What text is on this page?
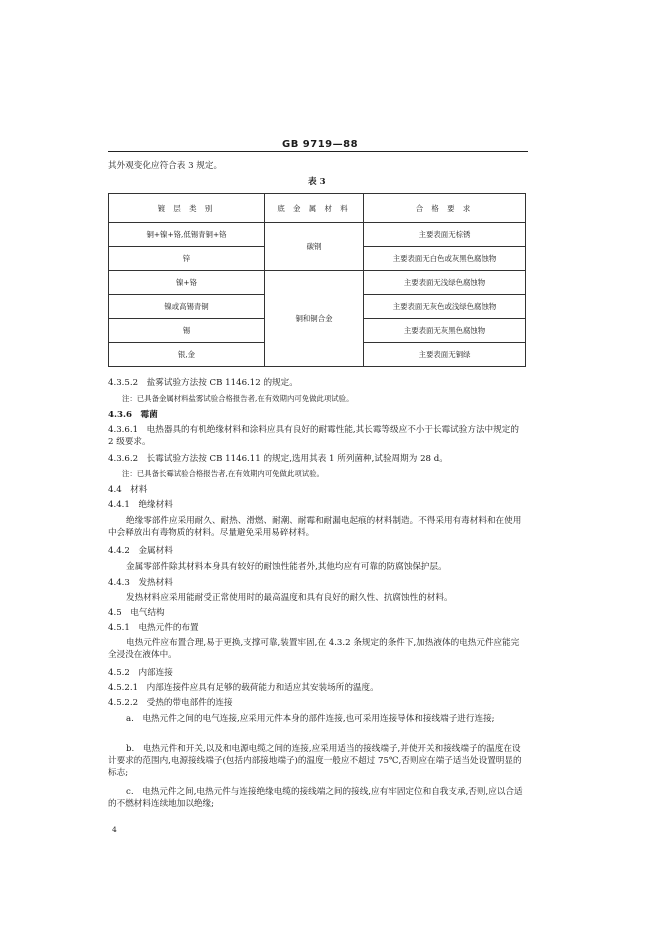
GB 9719—88
其外观变化应符合表 3 规定。
表 3
镀 层 类 别	底 金 属 材 料	合 格 要 求
铜+镍+铬,低锡青铜+铬	碳钢	主要表面无棕锈
锌		主要表面无白色或灰黑色腐蚀物
镍+铬	铜和铜合金	主要表面无浅绿色腐蚀物
镍或高锡青铜		主要表面无灰色或浅绿色腐蚀物
锡		主要表面无灰黑色腐蚀物
银,金		主要表面无铜绿
4.3.5.2　盐雾试验方法按 CB 1146.12 的规定。
注：已具备金属材料盐雾试验合格报告者,在有效期内可免做此项试验。
4.3.6　霉菌
4.3.6.1　电热器具的有机绝缘材料和涂料应具有良好的耐霉性能,其长霉等级应不小于长霉试验方法中规定的 2 级要求。
4.3.6.2　长霉试验方法按 CB 1146.11 的规定,选用其表 1 所列菌种,试验周期为 28 d。
注：已具备长霉试验合格报告者,在有效期内可免做此项试验。
4.4　材料
4.4.1　绝缘材料
绝缘零部件应采用耐久、耐热、滑燃、耐潮、耐霉和耐漏电起痕的材料制造。不得采用有毒材料和在使用中会释放出有毒物质的材料。尽量避免采用易碎材料。
4.4.2　金属材料
金属零部件除其材料本身具有较好的耐蚀性能者外,其他均应有可靠的防腐蚀保护层。
4.4.3　发热材料
发热材料应采用能耐受正常使用时的最高温度和具有良好的耐久性、抗腐蚀性的材料。
4.5　电气结构
4.5.1　电热元件的布置
电热元件应布置合理,易于更换,支撑可靠,装置牢固,在 4.3.2 条规定的条件下,加热液体的电热元件应能完全浸没在液体中。
4.5.2　内部连接
4.5.2.1　内部连接件应具有足够的载荷能力和适应其安装场所的温度。
4.5.2.2　受热的带电部件的连接
a.　电热元件之间的电气连接,应采用元件本身的部件连接,也可采用连接导体和接线端子进行连接;
b.　电热元件和开关,以及和电源电缆之间的连接,应采用适当的接线端子,并使开关和接线端子的温度在设计要求的范围内,电源接线端子(包括内部接地端子)的温度一般应不超过 75℃,否则应在端子适当处设置明显的标志;
c.　电热元件之间,电热元件与连接绝缘电缆的接线端之间的接线,应有牢固定位和自我支承,否则,应以合适的不燃材料连续地加以绝缘;
4
